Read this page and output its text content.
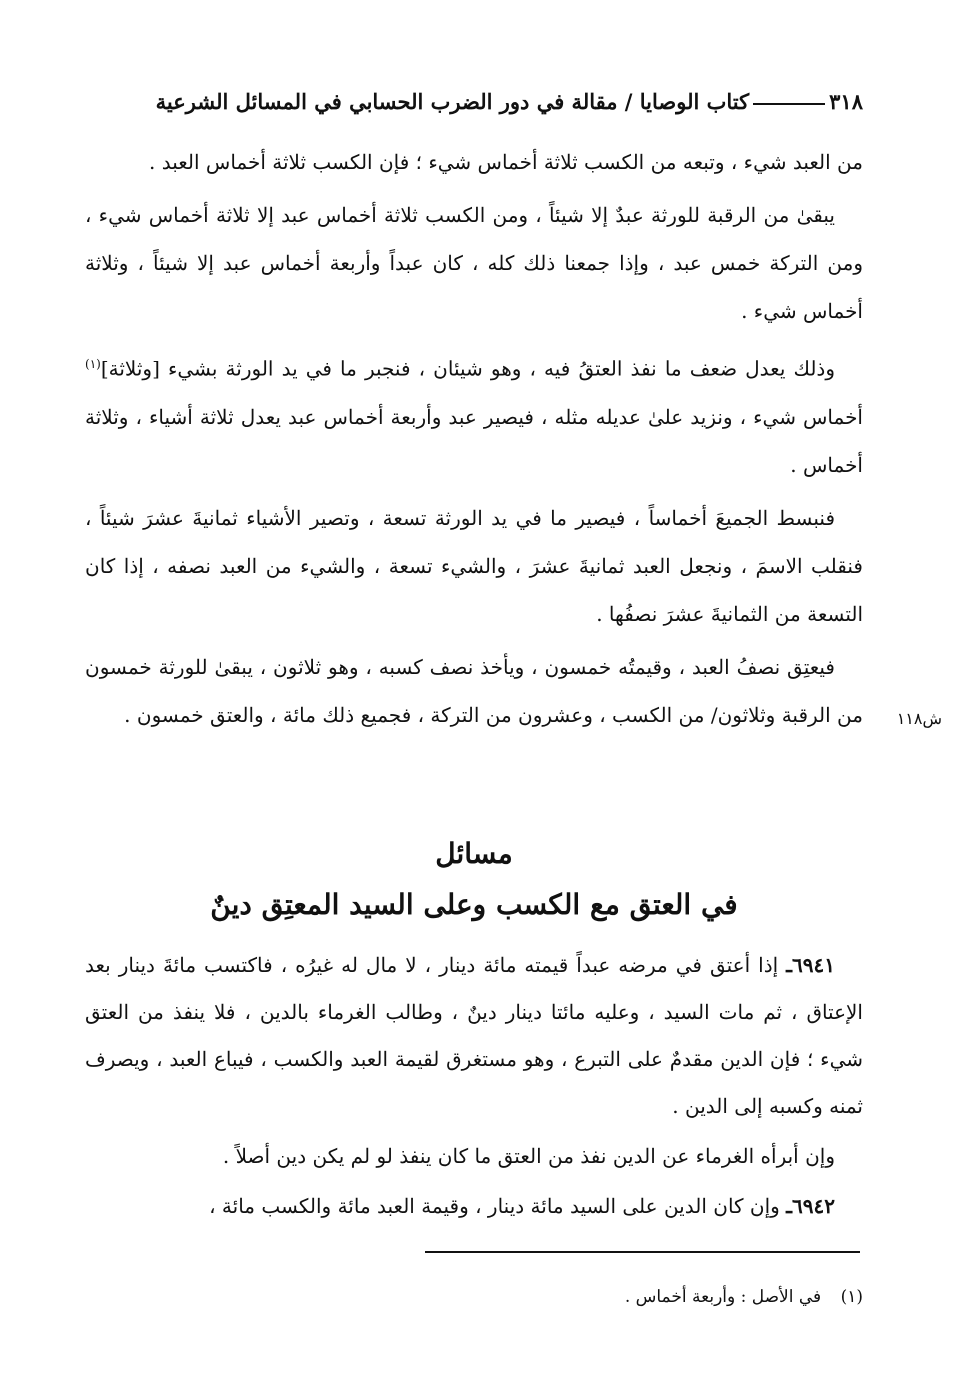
٣١٨
كتاب الوصايا / مقالة في دور الضرب الحسابي في المسائل الشرعية

من العبد شيء ، وتبعه من الكسب ثلاثة أخماس شيء ؛ فإن الكسب ثلاثة أخماس العبد .

يبقىٰ من الرقبة للورثة عبدٌ إلا شيئاً ، ومن الكسب ثلاثة أخماس عبد إلا ثلاثة أخماس شيء ، ومن التركة خمس عبد ، وإذا جمعنا ذلك كله ، كان عبداً وأربعة أخماس عبد إلا شيئاً ، وثلاثة أخماس شيء .

وذلك يعدل ضعف ما نفذ العتقُ فيه ، وهو شيئان ، فنجبر ما في يد الورثة بشيء [وثلاثة]$^{(١)}$ أخماس شيء ، ونزيد علىٰ عديله مثله ، فيصير عبد وأربعة أخماس عبد يعدل ثلاثة أشياء ، وثلاثة أخماس .

فنبسط الجميعَ أخماساً ، فيصير ما في يد الورثة تسعة ، وتصير الأشياء ثمانيةَ عشرَ شيئاً ، فنقلب الاسمَ ، ونجعل العبد ثمانيةَ عشرَ ، والشيء تسعة ، والشيء من العبد نصفه ، إذا كان التسعة من الثمانيةَ عشرَ نصفُها .

فيعتِق نصفُ العبد ، وقيمتُه خمسون ، ويأخذ نصف كسبه ، وهو ثلاثون ، يبقىٰ للورثة خمسون من الرقبة وثلاثون/ من الكسب ، وعشرون من التركة ، فجميع ذلك مائة ، والعتق خمسون .	ش١١٨
مسائل
في العتق مع الكسب وعلى السيد المعتِق دينٌ

٦٩٤١ـ إذا أعتق في مرضه عبداً قيمته مائة دينار ، لا مال له غيرُه ، فاكتسب مائةَ دينار بعد الإعتاق ، ثم مات السيد ، وعليه مائتا دينار دينٌ ، وطالب الغرماء بالدين ، فلا ينفذ من العتق شيء ؛ فإن الدين مقدمٌ على التبرع ، وهو مستغرق لقيمة العبد والكسب ، فيباع العبد ، ويصرف ثمنه وكسبه إلى الدين .

وإن أبرأه الغرماء عن الدين نفذ من العتق ما كان ينفذ لو لم يكن دين أصلاً .

٦٩٤٢ـ وإن كان الدين على السيد مائة دينار ، وقيمة العبد مائة والكسب مائة ،

(١) في الأصل : وأربعة أخماس .
